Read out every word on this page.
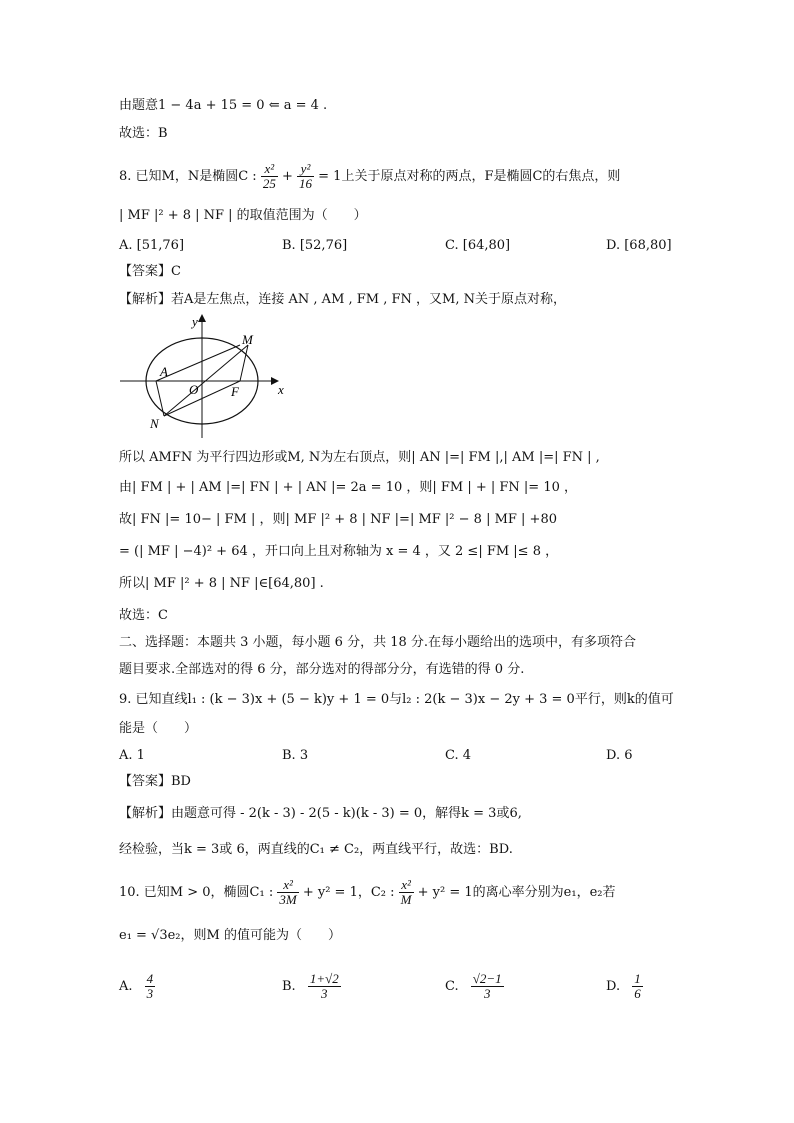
由题意1 − 4a + 15 = 0 ⇐ a = 4 .
故选：B
8. 已知M，N是椭圆C : $\frac{\text{x²}}{25} + \frac{\text{y²}}{16} = 1$上关于原点对称的两点，F是椭圆C的右焦点，则
| MF |² + 8 | NF | 的取值范围为（　　）
A. [51,76]	B. [52,76]	C. [64,80]	D. [68,80]
【答案】C
【解析】若A是左焦点，连接 AN , AM , FM , FN ，又M, N关于原点对称，
y
x
M
A
O	F
N
所以 AMFN 为平行四边形或M, N为左右顶点，则| AN |=| FM |,| AM |=| FN | ,
由| FM | + | AM |=| FN | + | AN |= 2a = 10 ，则| FM | + | FN |= 10 ，
故| FN |= 10− | FM | ，则| MF |² + 8 | NF |=| MF |² − 8 | MF | +80
= (| MF | −4)² + 64 ，开口向上且对称轴为 x = 4 ，又 2 ≤| FM |≤ 8 ，
所以| MF |² + 8 | NF |∈[64,80] .
故选：C
二、选择题：本题共 3 小题，每小题 6 分，共 18 分.在每小题给出的选项中，有多项符合
题目要求.全部选对的得 6 分，部分选对的得部分分，有选错的得 0 分.
9. 已知直线l₁ : (k − 3)x + (5 − k)y + 1 = 0与l₂ : 2(k − 3)x − 2y + 3 = 0平行，则k的值可
能是（　　）
A. 1	B. 3	C. 4	D. 6
【答案】BD
【解析】由题意可得 - 2(k - 3) - 2(5 - k)(k - 3) = 0，解得k = 3或6,
经检验，当k = 3或 6，两直线的C₁ ≠ C₂，两直线平行，故选：BD.
10. 已知M > 0，椭圆C₁ : $\frac{\text{x²}}{3M} + y^2 = 1$，C₂ : $\frac{\text{x²}}{M} + y^2 = 1$的离心率分别为e₁，e₂若
e₁ = √3e₂，则M 的值可能为（　　）
A. $\frac{4}{3}$	B. $\frac{1+√2}{3}$	C. $\frac{√2-1}{3}$	D. $\frac{1}{6}$
